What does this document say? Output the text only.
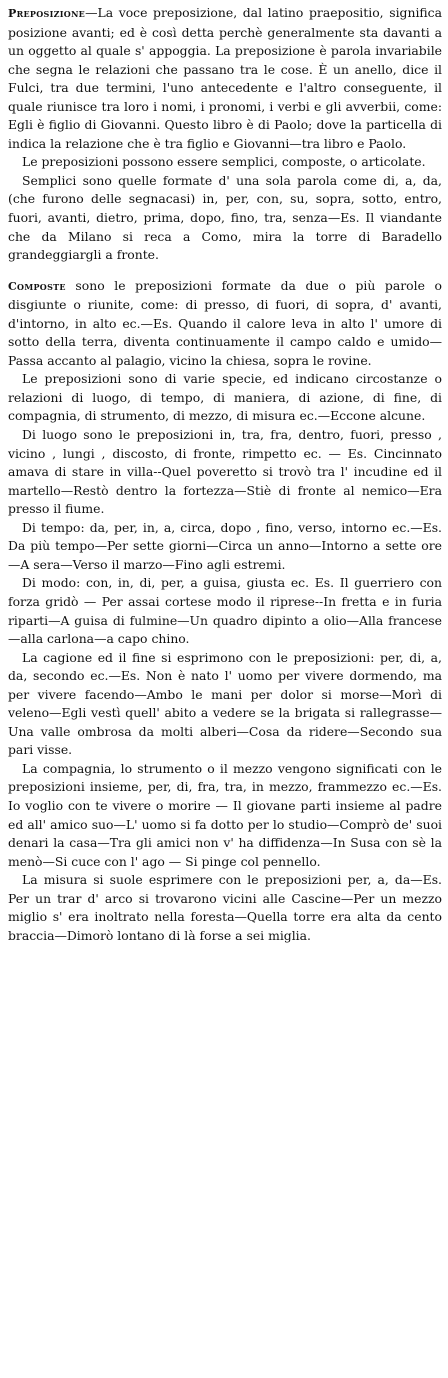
Preposizione—La voce preposizione, dal latino praepositio, significa posizione avanti; ed è così detta perchè generalmente sta davanti a un oggetto al quale s' appoggia. La preposizione è parola invariabile che segna le relazioni che passano tra le cose. È un anello, dice il Fulci, tra due termini, l'uno antecedente e l'altro conseguente, il quale riunisce tra loro i nomi, i pronomi, i verbi e gli avverbii, come: Egli è figlio di Giovanni. Questo libro è di Paolo; dove la particella di indica la relazione che è tra figlio e Giovanni—tra libro e Paolo.

Le preposizioni possono essere semplici, composte, o articolate.

Semplici sono quelle formate d' una sola parola come di, a, da, (che furono delle segnacasi) in, per, con, su, sopra, sotto, entro, fuori, avanti, dietro, prima, dopo, fino, tra, senza—Es. Il viandante che da Milano si reca a Como, mira la torre di Baradello grandeggiargli a fronte.

Composte sono le preposizioni formate da due o più parole o disgiunte o riunite, come: di presso, di fuori, di sopra, d' avanti, d'intorno, in alto ec.—Es. Quando il calore leva in alto l' umore di sotto della terra, diventa continuamente il campo caldo e umido—Passa accanto al palagio, vicino la chiesa, sopra le rovine.

Le preposizioni sono di varie specie, ed indicano circostanze o relazioni di luogo, di tempo, di maniera, di azione, di fine, di compagnia, di strumento, di mezzo, di misura ec.—Eccone alcune.

Di luogo sono le preposizioni in, tra, fra, dentro, fuori, presso , vicino , lungi , discosto, di fronte, rimpetto ec. — Es. Cincinnato amava di stare in villa--Quel poveretto si trovò tra l' incudine ed il martello—Restò dentro la fortezza—Stiè di fronte al nemico—Era presso il fiume.

Di tempo: da, per, in, a, circa, dopo , fino, verso, intorno ec.—Es. Da più tempo—Per sette giorni—Circa un anno—Intorno a sette ore—A sera—Verso il marzo—Fino agli estremi.

Di modo: con, in, di, per, a guisa, giusta ec. Es. Il guerriero con forza gridò — Per assai cortese modo il riprese--In fretta e in furia riparti—A guisa di fulmine—Un quadro dipinto a olio—Alla francese—alla carlona—a capo chino.

La cagione ed il fine si esprimono con le preposizioni: per, di, a, da, secondo ec.—Es. Non è nato l' uomo per vivere dormendo, ma per vivere facendo—Ambo le mani per dolor si morse—Morì di veleno—Egli vestì quell' abito a vedere se la brigata si rallegrasse—Una valle ombrosa da molti alberi—Cosa da ridere—Secondo sua pari visse.

La compagnia, lo strumento o il mezzo vengono significati con le preposizioni insieme, per, di, fra, tra, in mezzo, frammezzo ec.—Es. Io voglio con te vivere o morire — Il giovane parti insieme al padre ed all' amico suo—L' uomo si fa dotto per lo studio—Comprò de' suoi denari la casa—Tra gli amici non v' ha diffidenza—In Susa con sè la menò—Si cuce con l' ago — Si pinge col pennello.

La misura si suole esprimere con le preposizioni per, a, da—Es. Per un trar d' arco si trovarono vicini alle Cascine—Per un mezzo miglio s' era inoltrato nella foresta—Quella torre era alta da cento braccia—Dimorò lontano di là forse a sei miglia.
